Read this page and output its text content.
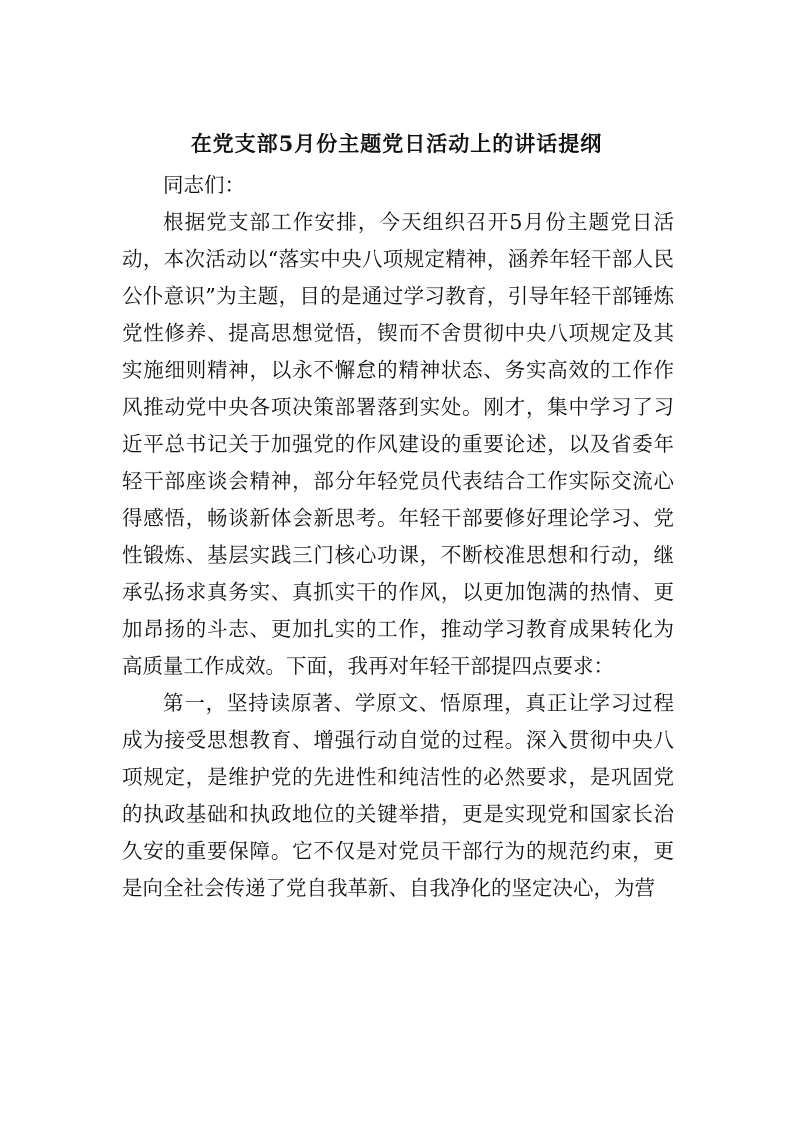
在党支部5月份主题党日活动上的讲话提纲

同志们：

根据党支部工作安排，今天组织召开5月份主题党日活动，本次活动以“落实中央八项规定精神，涵养年轻干部人民公仆意识”为主题，目的是通过学习教育，引导年轻干部锤炼党性修养、提高思想觉悟，锲而不舍贯彻中央八项规定及其实施细则精神，以永不懈怠的精神状态、务实高效的工作作风推动党中央各项决策部署落到实处。刚才，集中学习了习近平总书记关于加强党的作风建设的重要论述，以及省委年轻干部座谈会精神，部分年轻党员代表结合工作实际交流心得感悟，畅谈新体会新思考。年轻干部要修好理论学习、党性锻炼、基层实践三门核心功课，不断校准思想和行动，继承弘扬求真务实、真抓实干的作风，以更加饱满的热情、更加昂扬的斗志、更加扎实的工作，推动学习教育成果转化为高质量工作成效。下面，我再对年轻干部提四点要求：

第一，坚持读原著、学原文、悟原理，真正让学习过程成为接受思想教育、增强行动自觉的过程。深入贯彻中央八项规定，是维护党的先进性和纯洁性的必然要求，是巩固党的执政基础和执政地位的关键举措，更是实现党和国家长治久安的重要保障。它不仅是对党员干部行为的规范约束，更是向全社会传递了党自我革新、自我净化的坚定决心，为营
